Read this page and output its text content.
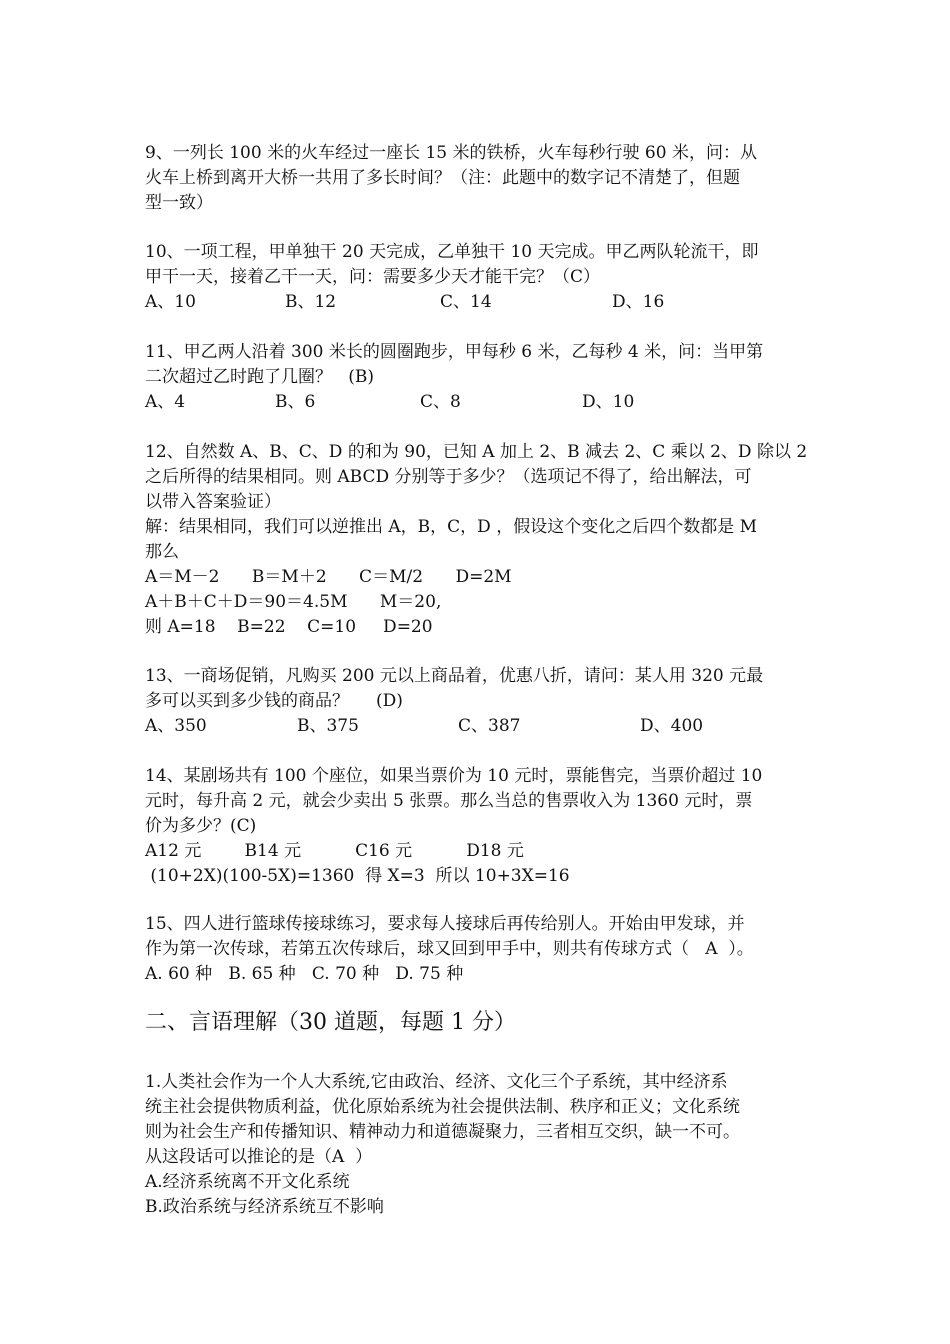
9、一列长 100 米的火车经过一座长 15 米的铁桥，火车每秒行驶 60 米，问：从
火车上桥到离开大桥一共用了多长时间？（注：此题中的数字记不清楚了，但题
型一致）
10、一项工程，甲单独干 20 天完成，乙单独干 10 天完成。甲乙两队轮流干，即
甲干一天，接着乙干一天，问：需要多少天才能干完？（C）
A、10	B、12	C、14	D、16
11、甲乙两人沿着 300 米长的圆圈跑步，甲每秒 6 米，乙每秒 4 米，问：当甲第
二次超过乙时跑了几圈？   (B)
A、4	B、6	C、8	D、10
12、自然数 A、B、C、D 的和为 90，已知 A 加上 2、B 减去 2、C 乘以 2、D 除以 2
之后所得的结果相同。则 ABCD 分别等于多少？（选项记不得了，给出解法，可
以带入答案验证）
解：结果相同，我们可以逆推出 A，B，C，D ，假设这个变化之后四个数都是 M
那么
A＝M－2      B＝M＋2      C＝M/2      D=2M
A＋B＋C＋D＝90＝4.5M      M＝20,
则 A=18    B=22    C=10     D=20
13、一商场促销，凡购买 200 元以上商品着，优惠八折，请问：某人用 320 元最
多可以买到多少钱的商品？     (D)
A、350	B、375	C、387	D、400
14、某剧场共有 100 个座位，如果当票价为 10 元时，票能售完，当票价超过 10
元时，每升高 2 元，就会少卖出 5 张票。那么当总的售票收入为 1360 元时，票
价为多少？(C)
A12 元        B14 元          C16 元          D18 元
(10+2X)(100-5X)=1360  得 X=3  所以 10+3X=16
15、四人进行篮球传接球练习，要求每人接球后再传给别人。开始由甲发球，并
作为第一次传球，若第五次传球后，球又回到甲手中，则共有传球方式（   A  ）。
A. 60 种   B. 65 种   C. 70 种   D. 75 种
二、言语理解（30 道题，每题 1 分）
1.人类社会作为一个人大系统,它由政治、经济、文化三个子系统，其中经济系
统主社会提供物质利益，优化原始系统为社会提供法制、秩序和正义；文化系统
则为社会生产和传播知识、精神动力和道德凝聚力，三者相互交织，缺一不可。
从这段话可以推论的是（A  ）
A.经济系统离不开文化系统
B.政治系统与经济系统互不影响
